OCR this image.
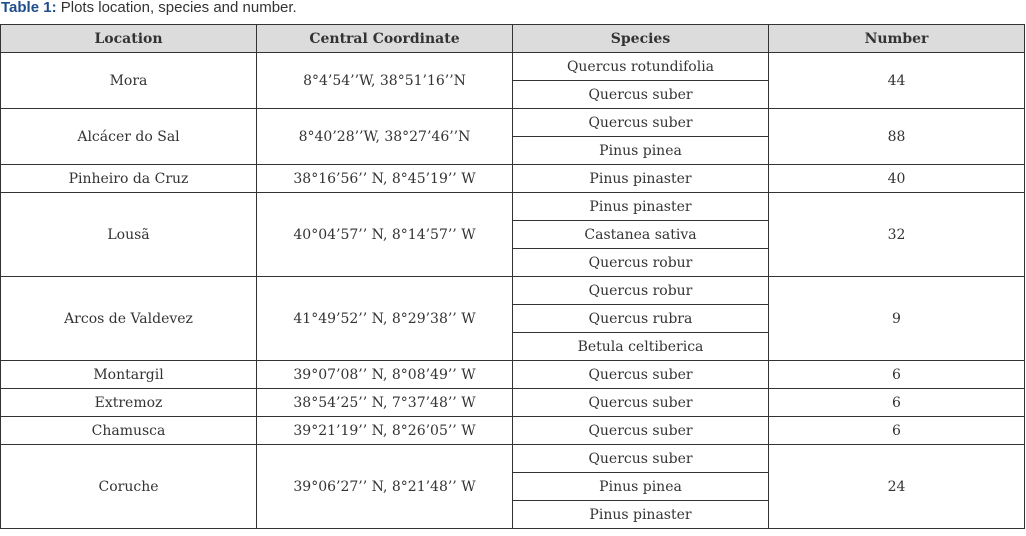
Table 1: Plots location, species and number.
Location	Central Coordinate	Species	Number
Mora	8°4’54’’W, 38°51’16’’N	Quercus rotundifolia	44
		Quercus suber	
Alcácer do Sal	8°40’28’’W, 38°27’46’’N	Quercus suber	88
		Pinus pinea	
Pinheiro da Cruz	38°16’56’’ N, 8°45’19’’ W	Pinus pinaster	40
Lousã	40°04’57’’ N, 8°14’57’’ W	Pinus pinaster	32
		Castanea sativa	
		Quercus robur	
Arcos de Valdevez	41°49’52’’ N, 8°29’38’’ W	Quercus robur	9
		Quercus rubra	
		Betula celtiberica	
Montargil	39°07’08’’ N, 8°08’49’’ W	Quercus suber	6
Extremoz	38°54’25’’ N, 7°37’48’’ W	Quercus suber	6
Chamusca	39°21’19’’ N, 8°26’05’’ W	Quercus suber	6
Coruche	39°06’27’’ N, 8°21’48’’ W	Quercus suber	24
		Pinus pinea	
		Pinus pinaster	
